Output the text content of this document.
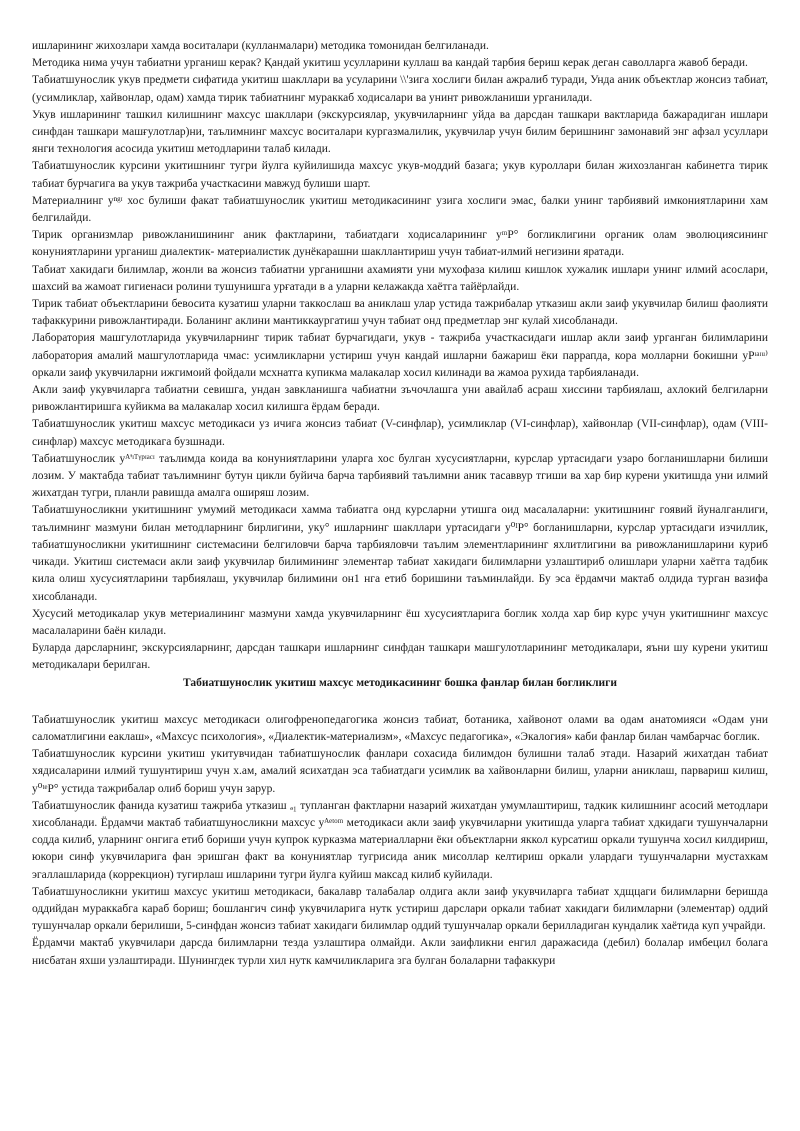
ишларининг жихозлари хамда воситалари (кулланмалари) методика томонидан белгиланади.

Методика нима учун табиатни урганиш керак? Қандай укитиш усулларини куллаш ва кандай тарбия бериш керак деган саволларга жавоб беради.

Табиатшунослик укув предмети сифатида укитиш шакллари ва усуларини \\'зига хослиги билан ажралиб туради, Унда аник объектлар жонсиз табиат, (усимликлар, хайвонлар, одам) хамда тирик табиатнинг мураккаб ходисалари ва унинт ривожланиши урганилади.

Укув ишларининг ташкил килишнинг махсус шакллари (экскурсиялар, укувчиларнинг уйда ва дарсдан ташкари вактларида бажарадиган ишлари синфдан ташкари машғулотлар)ни, таълимнинг махсус воситалари кургазмалилик, укувчилар учун билим беришнинг замонавий энг афзал усуллари янги технология асосида укитиш методларини талаб килади.

Табиатшунослик курсини укитишнинг тугри йулга куйилишида махсус укув-моддий базага; укув куроллари билан жихозланган кабинетга тирик табиат бурчагига ва укув тажриба участкасини мавжуд булиши шарт.

Материалнинг уⁿᵍᶦ хос булиши факат табиатшунослик укитиш методикасининг узига хослиги эмас, балки унинг тарбиявий имкониятларини хам белгилайди.

Тирик организмлар ривожланишининг аник фактларини, табиатдаги ходисаларининг уᵐР° богликлигини органик олам эволюциясининг конуниятларини урганиш диалектик- материалистик дунёкарашни шакллантириш учун табиат-илмий негизини яратади.

Табиат хакидаги билимлар, жонли ва жонсиз табиатни урганишни ахамияти уни мухофаза килиш кишлок хужалик ишлари унинг илмий асослари, шахсий ва жамоат гигиенаси ролини тушунишга урғатади в а уларни келажакда хаётга тайёрлайди.

Тирик табиат объектларини бевосита кузатиш уларни таккослаш ва аниклаш улар устида тажрибалар утказиш акли заиф укувчилар билиш фаолияти тафаккурини ривожлантиради. Боланинг аклини мантиккаургатиш учун табиат онд предметлар энг кулай хисобланади.

Лаборатория машгулотларида укувчиларнинг тирик табиат бурчагидаги, укув - тажриба участкасидаги ишлар акли заиф урганган билимларини лаборатория амалий машгулотларида чмас: усимликларни устириш учун кандай ишларни бажариш ёки паррапда, кора молларни бокишни уРᶦᵃᶦᵘ⁾ оркали заиф укувчиларни ижгимоий фойдали мсхнатга купикма малакалар хосил килинади ва жамоа рухида тарбияланади.

Акли заиф укувчиларга табиатни севишга, ундан завкланишга чабиатни зъчочлашга уни авайлаб асраш хиссини тарбиялаш, ахлокий белгиларни ривожлантиришга куйикма ва малакалар хосил килишга ёрдам беради.

Табиатшунослик укитиш махсус методикаси уз ичига жонсиз табиат (V-синфлар), усимликлар (VI-синфлар), хайвонлар (VII-синфлар), одам (VIII-синфлар) махсус методикага бузшнади.

Табиатшунослик уᴬ'ᶦᵀᵞᵖᶦᵃᶜᶦ таълимда коида ва конуниятларини уларга хос булган хусусиятларни, курслар уртасидаги узаро богланишларни билиши лозим. У мактабда табиат таълимнинг бутун цикли буйича барча тарбиявий таълимни аник тасаввур тгиши ва хар бир курени укитишда уни илмий жихатдан тугри, планли равишда амалга оширяш лозим.

Табиатшуносликни укитишнинг умумий методикаси хамма табиатга онд курсларни утишга оид масалаларни: укитишнинг гоявий йуналганлиги, таълимнинг мазмуни билан методларнинг бирлигини, уку° ишларнинг шакллари уртасидаги у⁰ᴵР° богланишларни, курслар уртасидаги изчиллик, табиатшуносликни укитишнинг системасини белгиловчи барча тарбияловчи таълим элементларининг яхлитлигини ва ривожланишларини куриб чикади. Укитиш системаси акли заиф укувчилар билимининг элементар табиат хакидаги билимларни узлаштириб олишлари уларни хаётга тадбик кила олиш хусусиятларини тарбиялаш, укувчилар билимини он1 нга етиб боришини таъминлайди. Бу эса ёрдамчи мактаб олдида турган вазифа хисобланади.

Хусусий методикалар укув метериалининг мазмуни хамда укувчиларнинг ёш хусусиятларига боглик холда хар бир курс учун укитишнинг махсус масалаларини баён килади.

Буларда дарсларнинг, экскурсияларнинг, дарсдан ташкари ишларнинг синфдан ташкари машгулотларининг методикалари, яъни шу курени укитиш методикалари берилган.

Табиатшунослик укитиш махсус методикасининг бошка фанлар билан богликлиги

Табиатшунослик укитиш махсус методикаси олигофренопедагогика жонсиз табиат, ботаника, хайвонот олами ва одам анатомияси «Одам уни саломатлигини еаклаш», «Махсус психология», «Диалектик-материализм», «Махсус педагогика», «Экалогия» каби фанлар билан чамбарчас боглик.

Табиатшунослик курсини укитиш укитувчидан табиатшунослик фанлари сохасида билимдон булишни талаб этади. Назарий жихатдан табиат хядисаларини илмий тушунтириш учун х.ам, амалий ясихатдан эса табиатдаги усимлик ва хайвонларни билиш, уларни аниклаш, парвариш килиш, у⁰ᵗᵉР° устида тажрибалар олиб бориш учун зарур.

Табиатшунослик фанида кузатиш тажриба утказиш ₔ₁ тупланган фактларни назарий жихатдан умумлаштириш, тадкик килишнинг асосий методлари хисобланади. Ёрдамчи мактаб табиатшуносликни махсус уᴬᵉᵗᵒᵐ методикаси акли заиф укувчиларни укитишда уларга табиат хдкидаги тушунчаларни содда килиб, уларнинг онгига етиб бориши учун купрок курказма материалларни ёки объектларни яккол курсатиш оркали тушунча хосил килдириш, юкори синф укувчиларига фан эришган факт ва конуниятлар тугрисида аник мисоллар келтириш оркали улардаги тушунчаларни мустахкам эгаллашларида (коррекцион) тугирлаш ишларини тугри йулга куйиш максад килиб куйилади.

Табиатшуносликни укитиш махсус укитиш методикаси, бакалавр талабалар олдига акли заиф укувчиларга табиат хдщцаги билимларни беришда оддийдан мураккабга караб бориш; бошлангич синф укувчиларига нутк устириш дарслари оркали табиат хакидаги билимларни (элементар) оддий тушунчалар оркали берилиши, 5-синфдан жонсиз табиат хакидаги билимлар оддий тушунчалар оркали берилладиган кундалик хаётида куп учрайди.

Ёрдамчи мактаб укувчилари дарсда билимларни тезда узлаштира олмайди. Акли заифликни енгил даражасида (дебил) болалар имбецил болага нисбатан яхши узлаштиради. Шунингдек турли хил нутк камчиликларига зга булган болаларни тафаккури
